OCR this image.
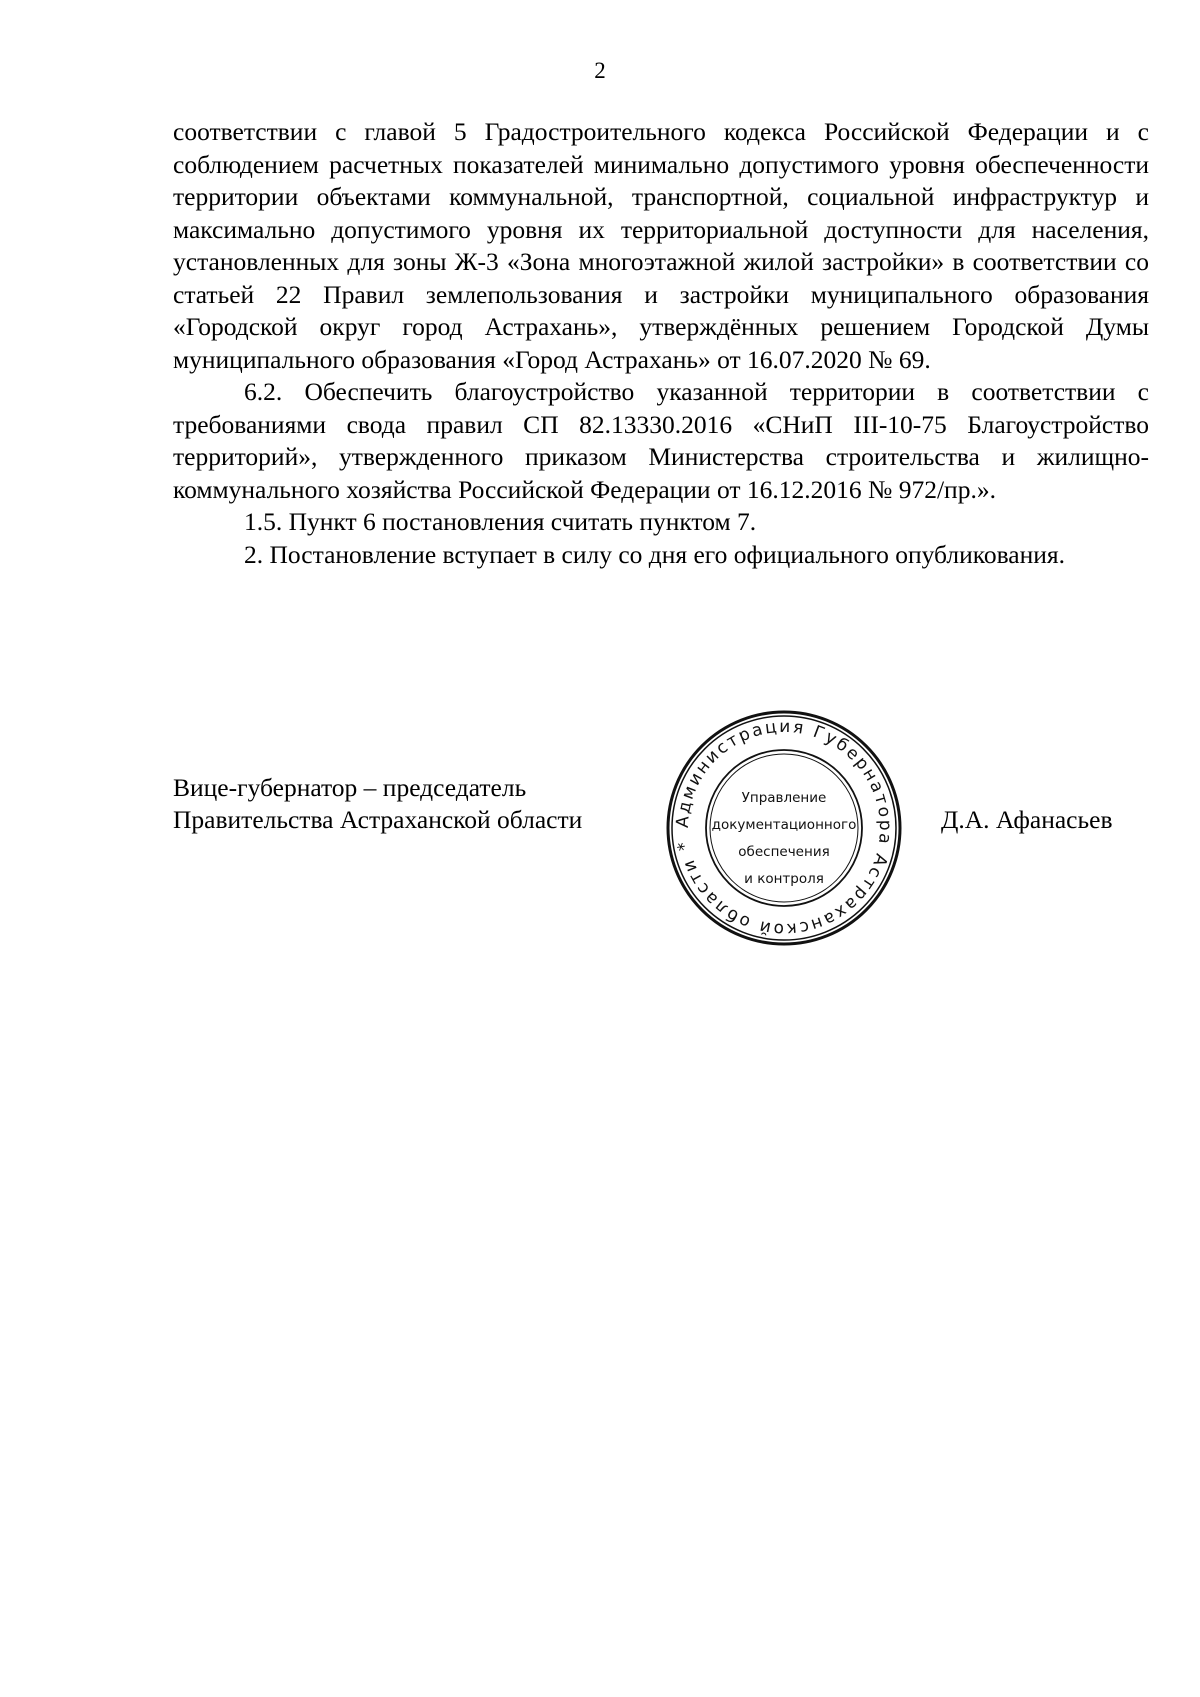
2

соответствии с главой 5 Градостроительного кодекса Российской Федерации и с соблюдением расчетных показателей минимально допустимого уровня обеспеченности территории объектами коммунальной, транспортной, социальной инфраструктур и максимально допустимого уровня их территориальной доступности для населения, установленных для зоны Ж-3 «Зона многоэтажной жилой застройки» в соответствии со статьей 22 Правил землепользования и застройки муниципального образования «Городской округ город Астрахань», утверждённых решением Городской Думы муниципального образования «Город Астрахань» от 16.07.2020 № 69.

6.2. Обеспечить благоустройство указанной территории в соответствии с требованиями свода правил СП 82.13330.2016 «СНиП III-10-75 Благоустройство территорий», утвержденного приказом Министерства строительства и жилищно-коммунального хозяйства Российской Федерации от 16.12.2016 № 972/пр.».

1.5. Пункт 6 постановления считать пунктом 7.

2. Постановление вступает в силу со дня его официального опубликования.

Вице-губернатор – председатель
Правительства Астраханской области	Д.А. Афанасьев
Администрация Губернатора Астраханской области *
Управление
документационного
обеспечения
и контроля
